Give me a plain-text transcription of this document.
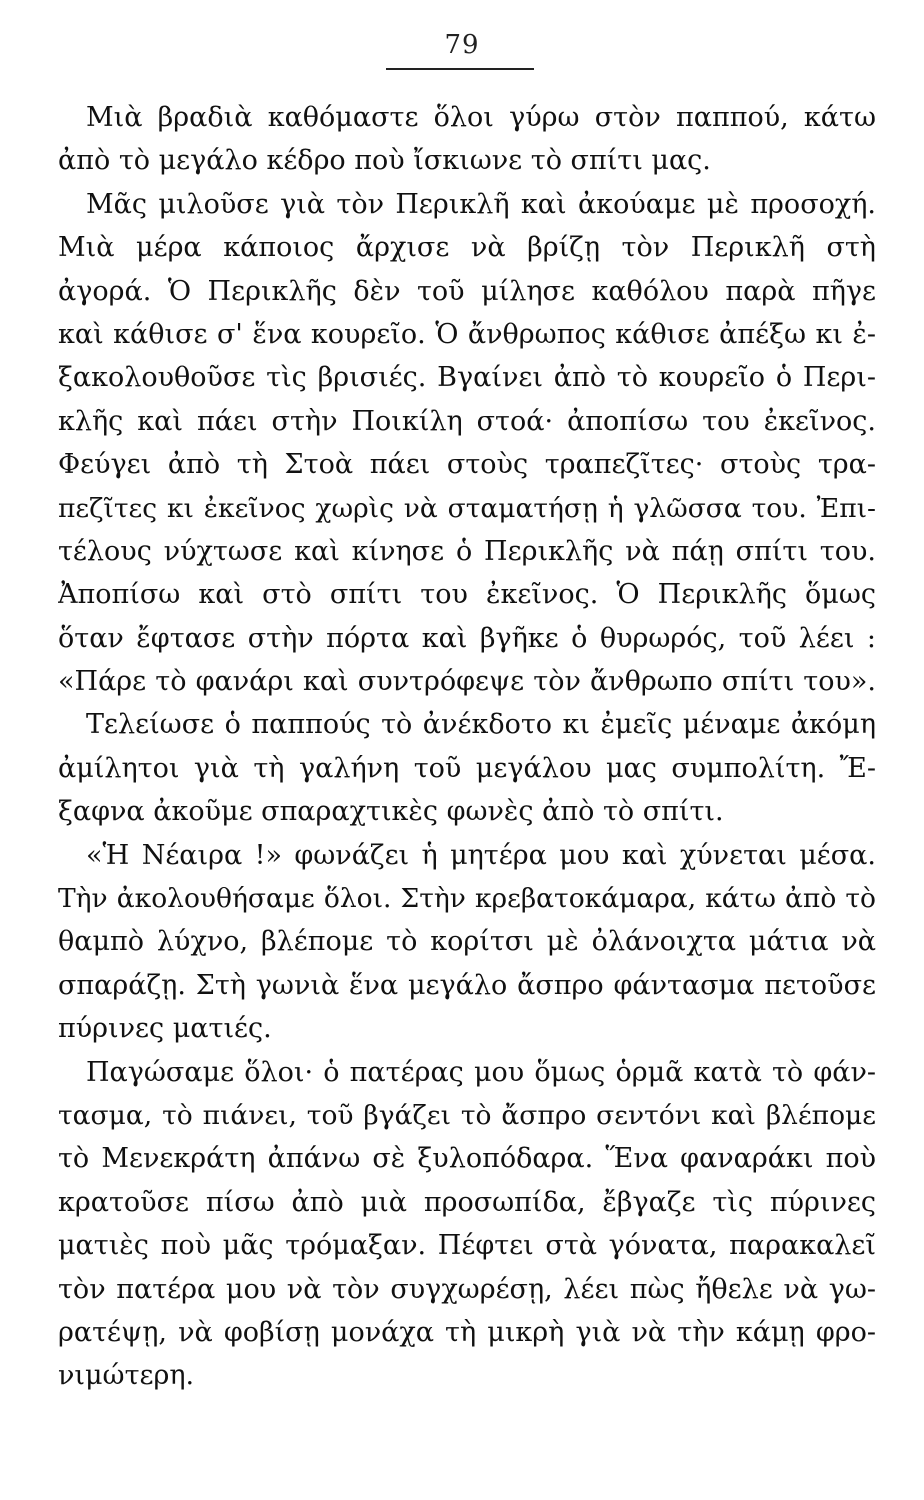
79
Μιὰ βραδιὰ καθόμαστε ὅλοι γύρω στὸν παππού, κάτω
ἀπὸ τὸ μεγάλο κέδρο ποὺ ἴσκιωνε τὸ σπίτι μας.
Μᾶς μιλοῦσε γιὰ τὸν Περικλῆ καὶ ἀκούαμε μὲ προσοχή.
Μιὰ μέρα κάποιος ἄρχισε νὰ βρίζῃ τὸν Περικλῆ στὴ
ἀγορά. Ὁ Περικλῆς δὲν τοῦ μίλησε καθόλου παρὰ πῆγε
καὶ κάθισε σ' ἕνα κουρεῖο. Ὁ ἄνθρωπος κάθισε ἀπέξω κι ἐ-
ξακολουθοῦσε τὶς βρισιές. Βγαίνει ἀπὸ τὸ κουρεῖο ὁ Περι-
κλῆς καὶ πάει στὴν Ποικίλη στοά· ἀποπίσω του ἐκεῖνος.
Φεύγει ἀπὸ τὴ Στοὰ πάει στοὺς τραπεζῖτες· στοὺς τρα-
πεζῖτες κι ἐκεῖνος χωρὶς νὰ σταματήσῃ ἡ γλῶσσα του. Ἐπι-
τέλους νύχτωσε καὶ κίνησε ὁ Περικλῆς νὰ πάῃ σπίτι του.
Ἀποπίσω καὶ στὸ σπίτι του ἐκεῖνος. Ὁ Περικλῆς ὅμως
ὅταν ἔφτασε στὴν πόρτα καὶ βγῆκε ὁ θυρωρός, τοῦ λέει :
«Πάρε τὸ φανάρι καὶ συντρόφεψε τὸν ἄνθρωπο σπίτι του».
Τελείωσε ὁ παππούς τὸ ἀνέκδοτο κι ἐμεῖς μέναμε ἀκόμη
ἀμίλητοι γιὰ τὴ γαλήνη τοῦ μεγάλου μας συμπολίτη. Ἔ-
ξαφνα ἀκοῦμε σπαραχτικὲς φωνὲς ἀπὸ τὸ σπίτι.
«Ἡ Νέαιρα !» φωνάζει ἡ μητέρα μου καὶ χύνεται μέσα.
Τὴν ἀκολουθήσαμε ὅλοι. Στὴν κρεβατοκάμαρα, κάτω ἀπὸ τὸ
θαμπὸ λύχνο, βλέπομε τὸ κορίτσι μὲ ὀλάνοιχτα μάτια νὰ
σπαράζῃ. Στὴ γωνιὰ ἕνα μεγάλο ἄσπρο φάντασμα πετοῦσε
πύρινες ματιές.
Παγώσαμε ὅλοι· ὁ πατέρας μου ὅμως ὁρμᾶ κατὰ τὸ φάν-
τασμα, τὸ πιάνει, τοῦ βγάζει τὸ ἄσπρο σεντόνι καὶ βλέπομε
τὸ Μενεκράτη ἀπάνω σὲ ξυλοπόδαρα. Ἕνα φαναράκι ποὺ
κρατοῦσε πίσω ἀπὸ μιὰ προσωπίδα, ἔβγαζε τὶς πύρινες
ματιὲς ποὺ μᾶς τρόμαξαν. Πέφτει στὰ γόνατα, παρακαλεῖ
τὸν πατέρα μου νὰ τὸν συγχωρέσῃ, λέει πὼς ἤθελε νὰ γω-
ρατέψῃ, νὰ φοβίσῃ μονάχα τὴ μικρὴ γιὰ νὰ τὴν κάμῃ φρο-
νιμώτερη.
